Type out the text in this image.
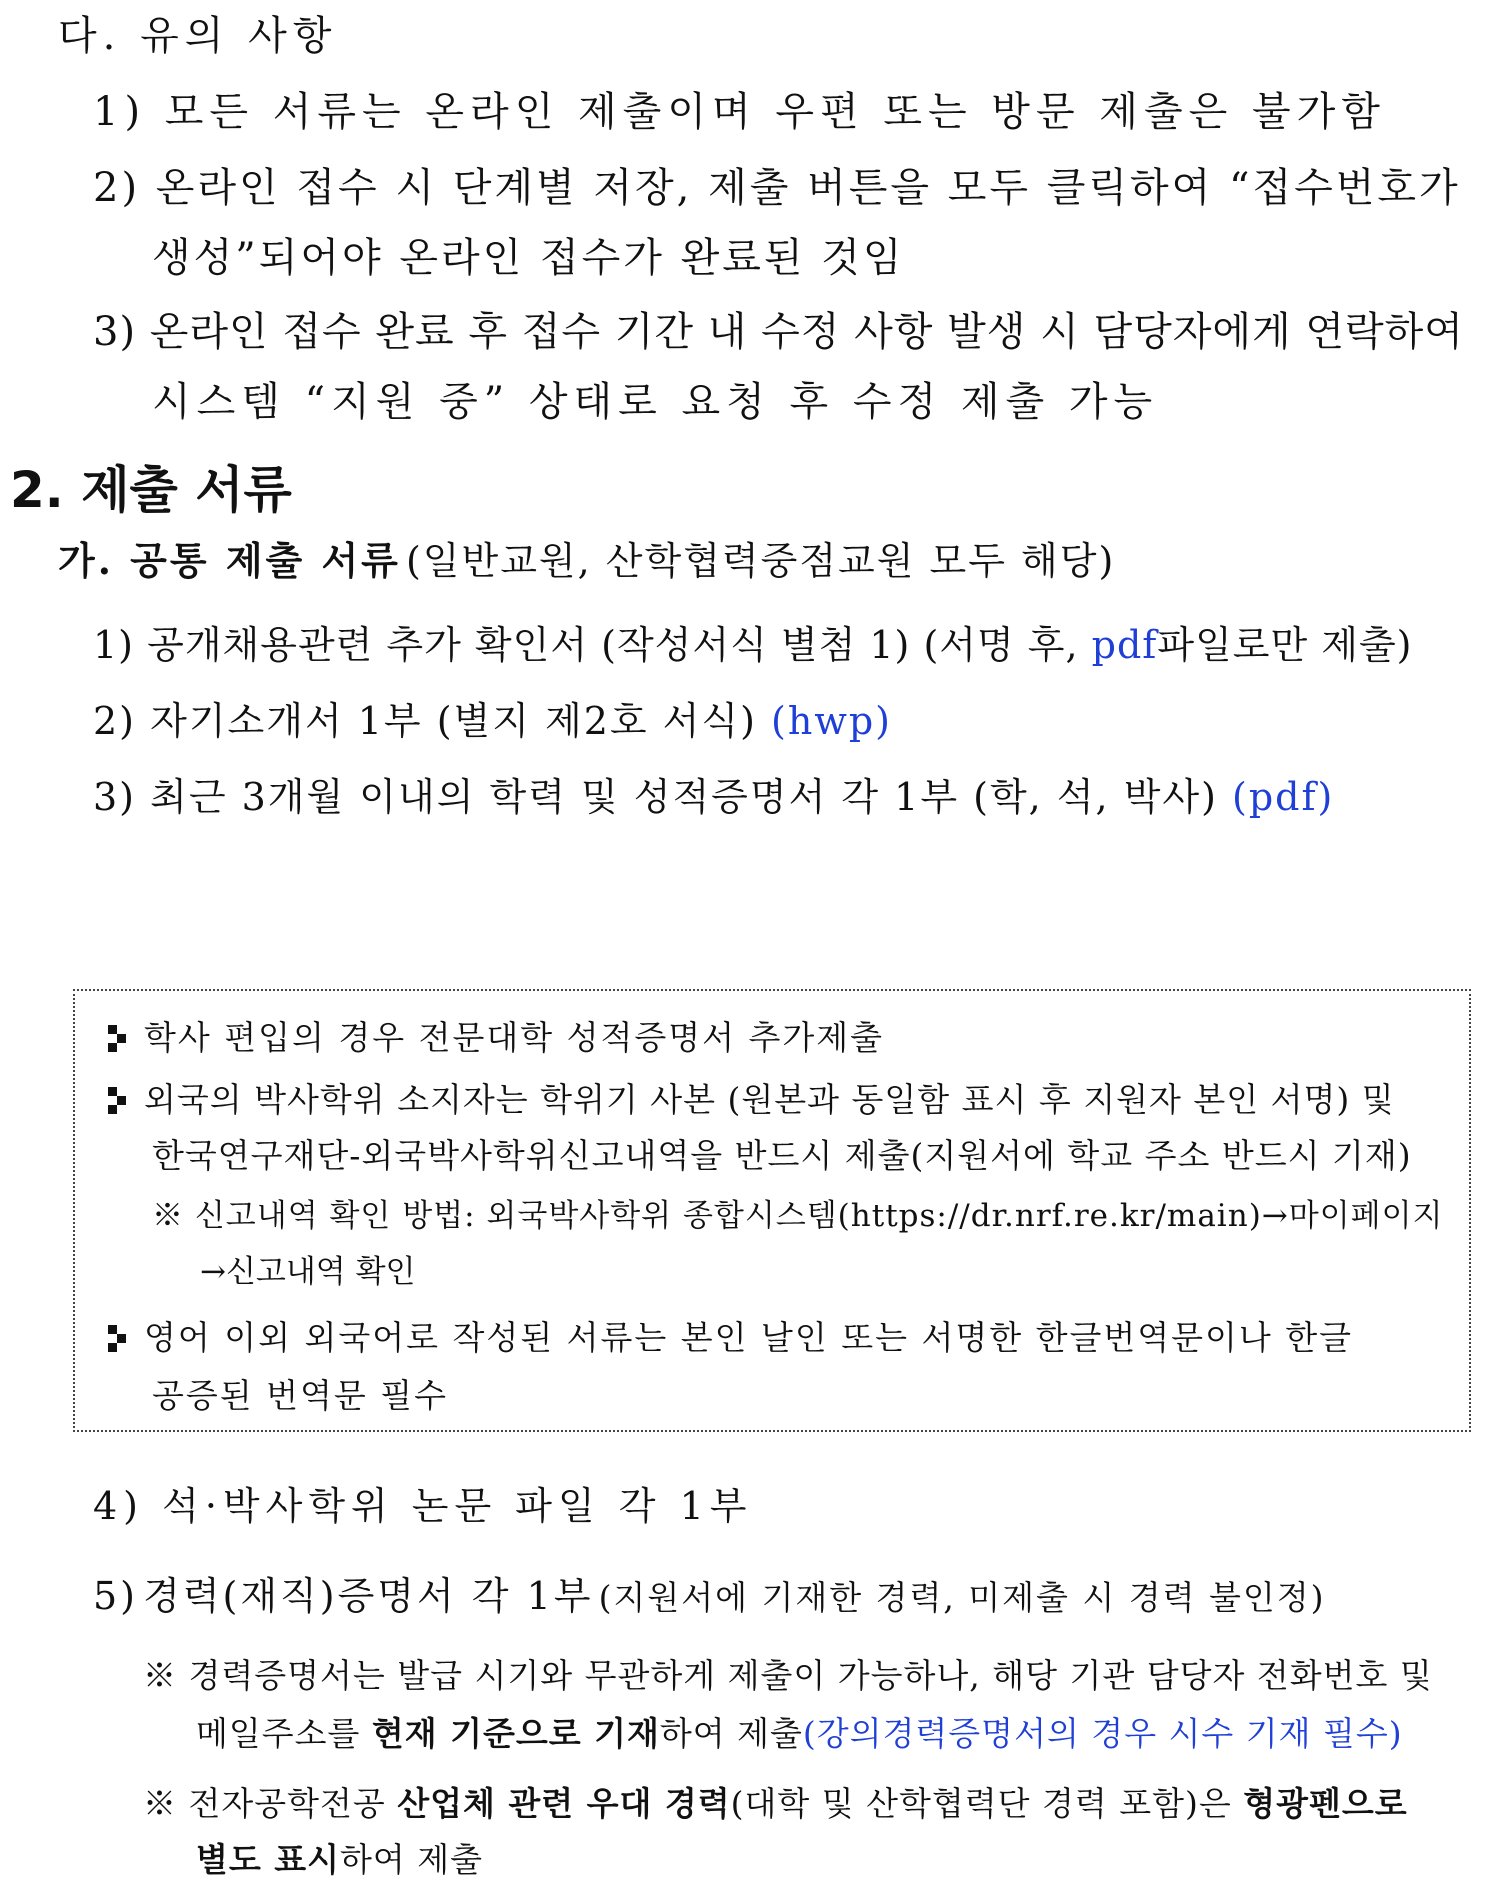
다. 유의 사항
1) 모든 서류는 온라인 제출이며 우편 또는 방문 제출은 불가함
2) 온라인 접수 시 단계별 저장, 제출 버튼을 모두 클릭하여 “접수번호가
생성”되어야 온라인 접수가 완료된 것임
3) 온라인 접수 완료 후 접수 기간 내 수정 사항 발생 시 담당자에게 연락하여
시스템 “지원 중” 상태로 요청 후 수정 제출 가능
2. 제출 서류
가. 공통 제출 서류 (일반교원, 산학협력중점교원 모두 해당)
1) 공개채용관련 추가 확인서 (작성서식 별첨 1) (서명 후, pdf파일로만 제출)
2) 자기소개서 1부 (별지 제2호 서식) (hwp)
3) 최근 3개월 이내의 학력 및 성적증명서 각 1부 (학, 석, 박사) (pdf)
학사 편입의 경우 전문대학 성적증명서 추가제출
외국의 박사학위 소지자는 학위기 사본 (원본과 동일함 표시 후 지원자 본인 서명) 및
한국연구재단-외국박사학위신고내역을 반드시 제출(지원서에 학교 주소 반드시 기재)
※ 신고내역 확인 방법: 외국박사학위 종합시스템(https://dr.nrf.re.kr/main)→마이페이지
→신고내역 확인
영어 이외 외국어로 작성된 서류는 본인 날인 또는 서명한 한글번역문이나 한글
공증된 번역문 필수
4) 석·박사학위 논문 파일 각 1부
5) 경력(재직)증명서 각 1부 (지원서에 기재한 경력, 미제출 시 경력 불인정)
※ 경력증명서는 발급 시기와 무관하게 제출이 가능하나, 해당 기관 담당자 전화번호 및
메일주소를 현재 기준으로 기재하여 제출(강의경력증명서의 경우 시수 기재 필수)
※ 전자공학전공 산업체 관련 우대 경력(대학 및 산학협력단 경력 포함)은 형광펜으로
별도 표시하여 제출
